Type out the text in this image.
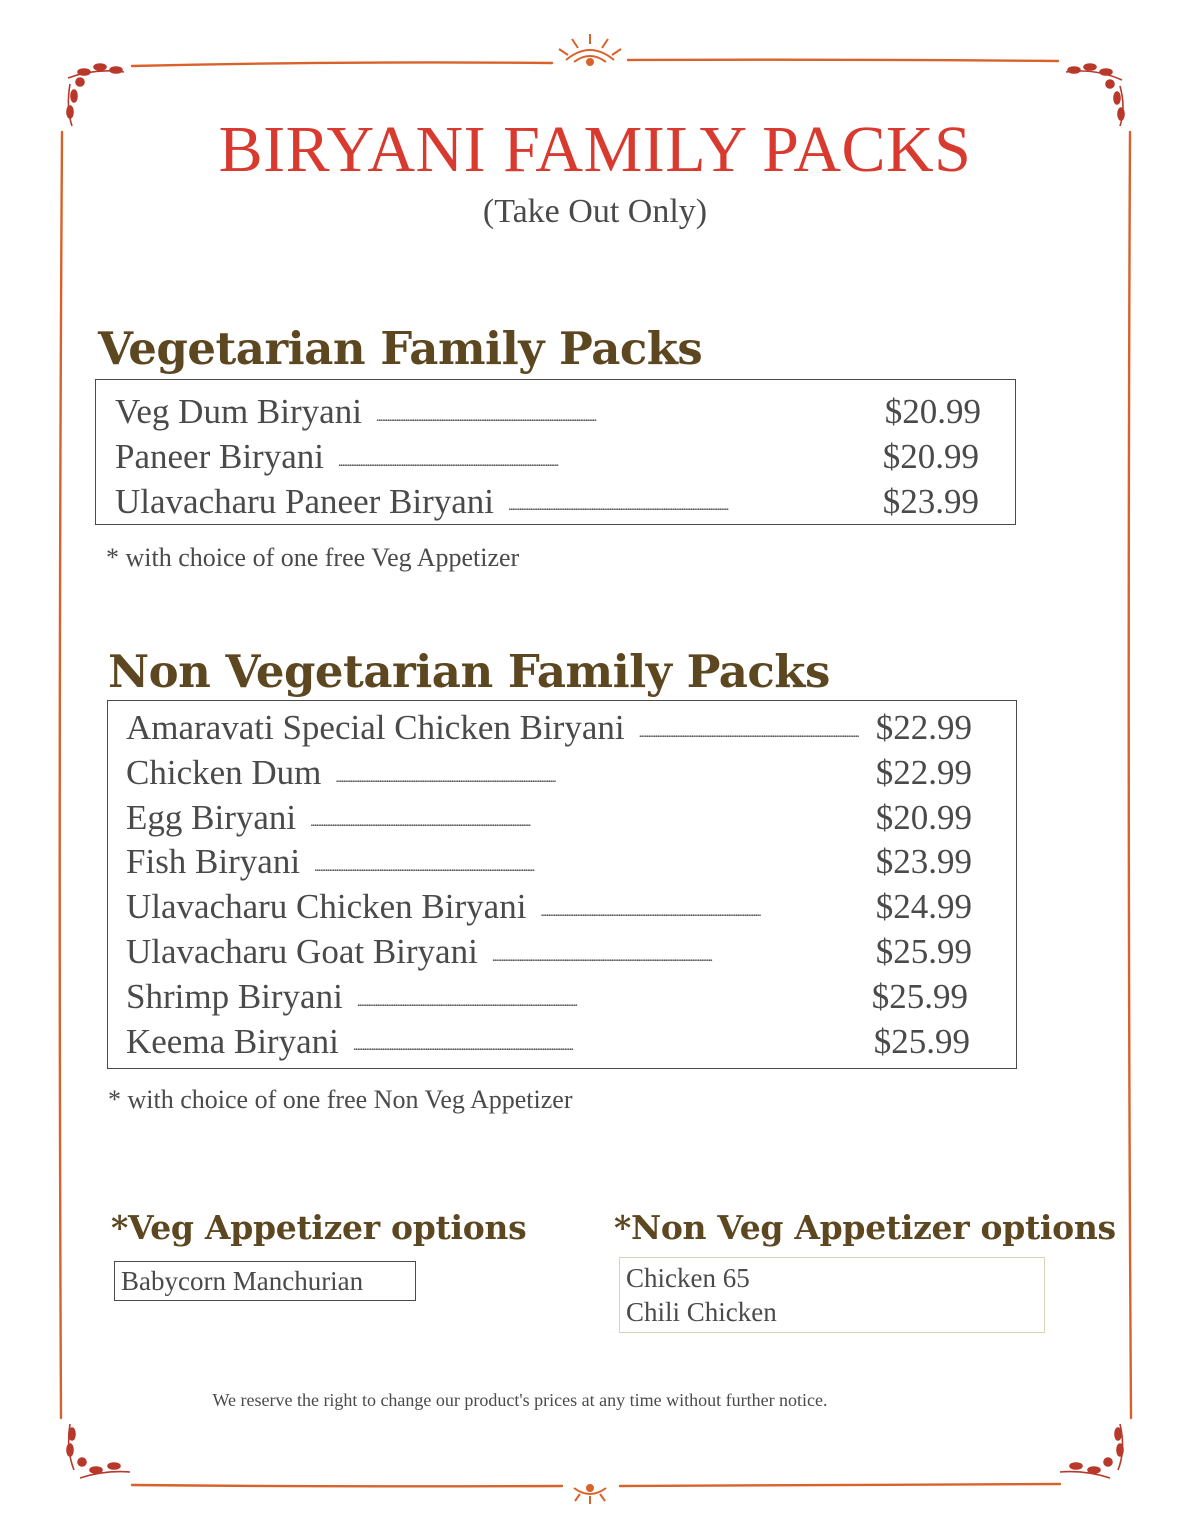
BIRYANI FAMILY PACKS
(Take Out Only)
Vegetarian Family Packs
Veg Dum Biryani . . .	$20.99
Paneer Biryani . . .	$20.99
Ulavacharu Paneer Biryani . . .	$23.99
* with choice of one free Veg Appetizer
Non Vegetarian Family Packs
Amaravati Special Chicken Biryani . . .	$22.99
Chicken Dum . . .	$22.99
Egg Biryani . . .	$20.99
Fish Biryani . . .	$23.99
Ulavacharu Chicken Biryani . . .	$24.99
Ulavacharu Goat Biryani . . .	$25.99
Shrimp Biryani . . .	$25.99
Keema Biryani . . .	$25.99
* with choice of one free Non Veg Appetizer
*Veg Appetizer options
Babycorn Manchurian
*Non Veg Appetizer options
Chicken 65
Chili Chicken
We reserve the right to change our product's prices at any time without further notice.
